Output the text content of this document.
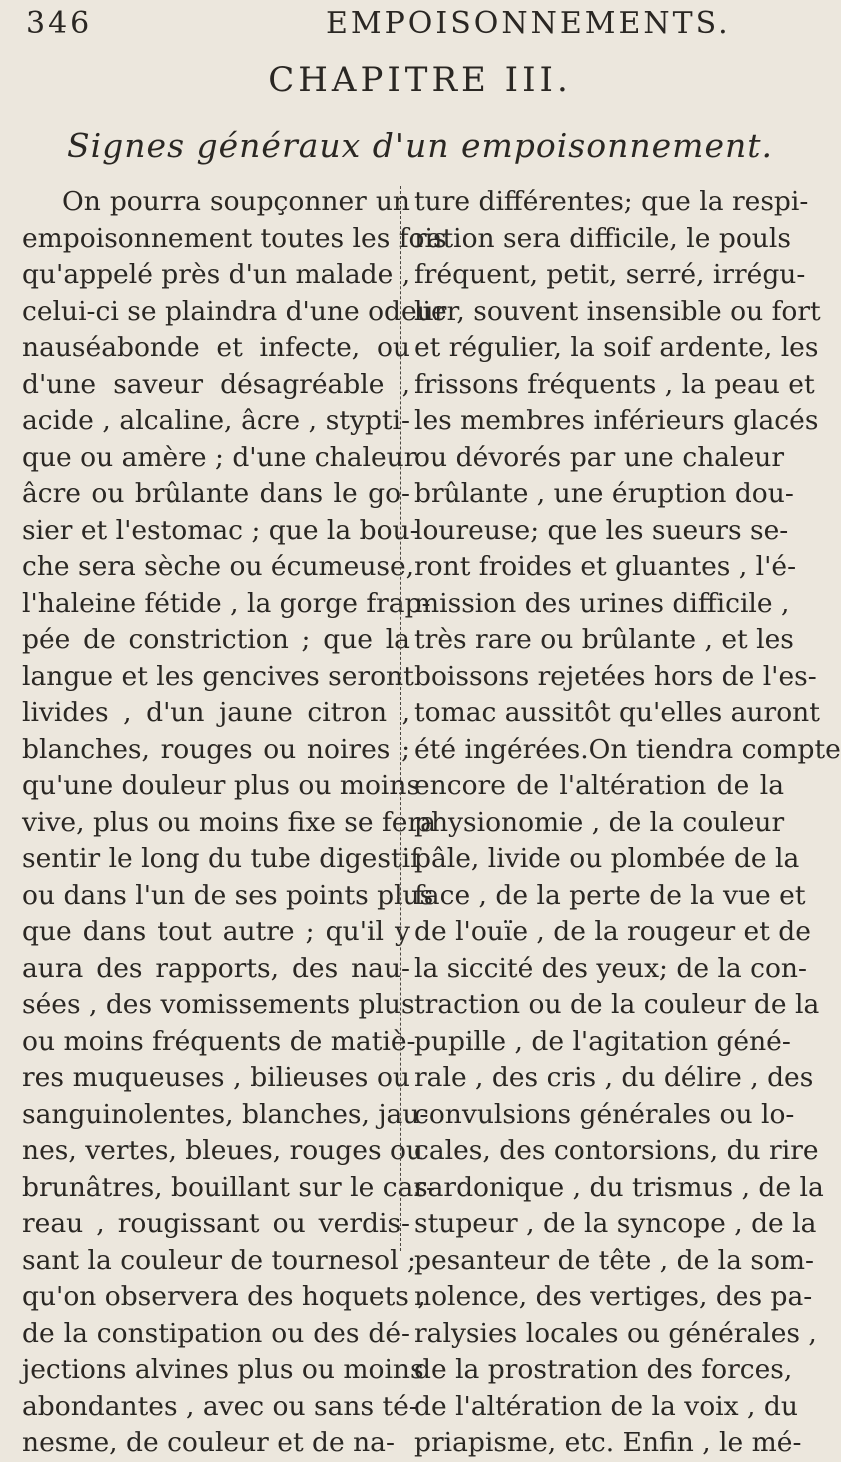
346	EMPOISONNEMENTS.
CHAPITRE III.
Signes généraux d'un empoisonnement.
On pourra soupçonner un
empoisonnement toutes les fois
qu'appelé près d'un malade ,
celui-ci se plaindra d'une odeur
nauséabonde et infecte, ou
d'une saveur désagréable ,
acide , alcaline, âcre , stypti-
que ou amère ; d'une chaleur
âcre ou brûlante dans le go-
sier et l'estomac ; que la bou-
che sera sèche ou écumeuse,
l'haleine fétide , la gorge frap-
pée de constriction ; que la
langue et les gencives seront
livides , d'un jaune citron ,
blanches, rouges ou noires ;
qu'une douleur plus ou moins
vive, plus ou moins fixe se fera
sentir le long du tube digestif
ou dans l'un de ses points plus
que dans tout autre ; qu'il y
aura des rapports, des nau-
sées , des vomissements plus
ou moins fréquents de matiè-
res muqueuses , bilieuses ou
sanguinolentes, blanches, jau-
nes, vertes, bleues, rouges ou
brunâtres, bouillant sur le car-
reau , rougissant ou verdis-
sant la couleur de tournesol ;
qu'on observera des hoquets ,
de la constipation ou des dé-
jections alvines plus ou moins
abondantes , avec ou sans té-
nesme, de couleur et de na-
ture différentes; que la respi-
ration sera difficile, le pouls
fréquent, petit, serré, irrégu-
lier, souvent insensible ou fort
et régulier, la soif ardente, les
frissons fréquents , la peau et
les membres inférieurs glacés
ou dévorés par une chaleur
brûlante , une éruption dou-
loureuse; que les sueurs se-
ront froides et gluantes , l'é-
mission des urines difficile ,
très rare ou brûlante , et les
boissons rejetées hors de l'es-
tomac aussitôt qu'elles auront
été ingérées.On tiendra compte
encore de l'altération de la
physionomie , de la couleur
pâle, livide ou plombée de la
face , de la perte de la vue et
de l'ouïe , de la rougeur et de
la siccité des yeux; de la con-
traction ou de la couleur de la
pupille , de l'agitation géné-
rale , des cris , du délire , des
convulsions générales ou lo-
cales, des contorsions, du rire
sardonique , du trismus , de la
stupeur , de la syncope , de la
pesanteur de tête , de la som-
nolence, des vertiges, des pa-
ralysies locales ou générales ,
de la prostration des forces,
de l'altération de la voix , du
priapisme, etc. Enfin , le mé-
